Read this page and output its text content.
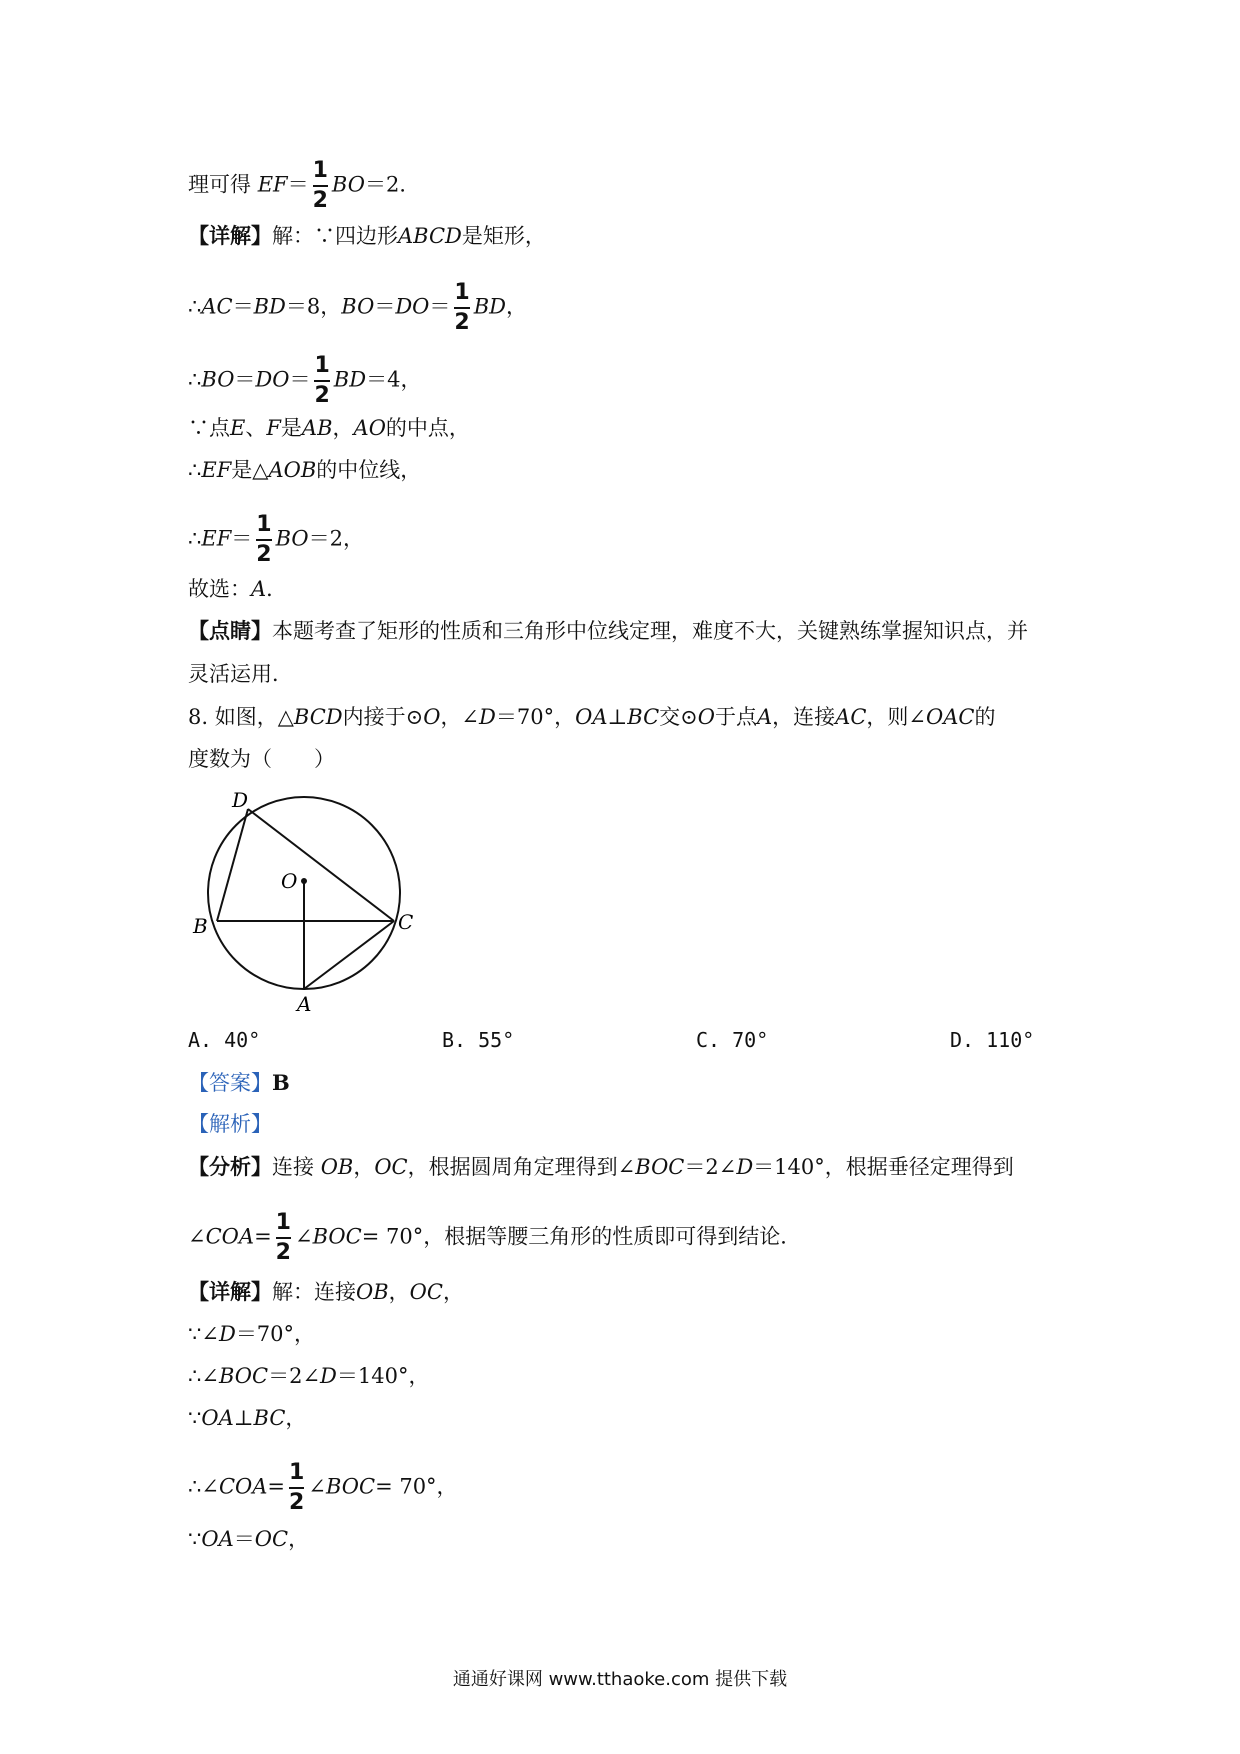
理可得 $EF= \frac{1}{2} BO=2$．
【详解】解：∵四边形ABCD是矩形，
∴AC＝BD＝8，$BO=DO= \frac{1}{2}$ BD，
∴BO＝DO＝ $\frac{1}{2} BD=4$，
∵点E、F是AB，AO的中点，
∴EF是△AOB的中位线，
∴EF＝ $\frac{1}{2} BO=2$，
故选：A．
【点睛】本题考查了矩形的性质和三角形中位线定理，难度不大，关键熟练掌握知识点，并
灵活运用．
8. 如图，△BCD内接于⊙O，∠D＝70°，OA⊥BC交⊙O于点A，连接AC，则∠OAC的
度数为（　　）
D
O
B	C
A
A. 40°	B. 55°	C. 70°	D. 110°
【答案】B
【解析】
【分析】连接 OB，OC，根据圆周角定理得到∠BOC＝2∠D＝140°，根据垂径定理得到
∠COA= $\frac{1}{2}$ ∠BOC= 70°，根据等腰三角形的性质即可得到结论．
【详解】解：连接OB，OC，
∵∠D＝70°，
∴∠BOC＝2∠D＝140°，
∵OA⊥BC，
∴∠COA= $\frac{1}{2}$ ∠BOC= 70°，
∵OA＝OC，
通通好课网 www.tthaoke.com 提供下载
